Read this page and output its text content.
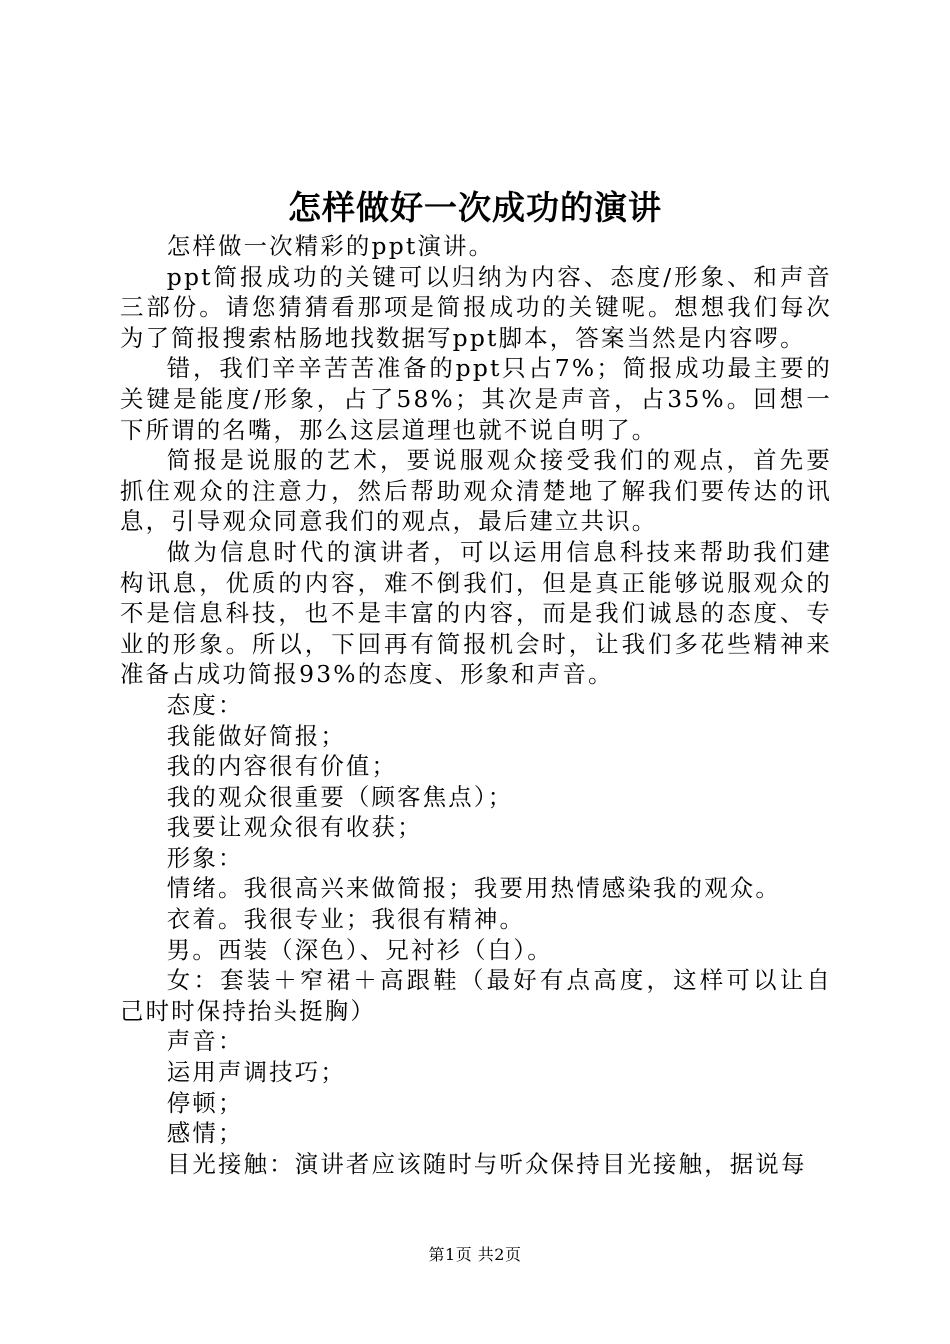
怎样做好一次成功的演讲

怎样做一次精彩的ppt演讲。

ppt简报成功的关键可以归纳为内容、态度/形象、和声音三部份。请您猜猜看那项是简报成功的关键呢。想想我们每次为了简报搜索枯肠地找数据写ppt脚本，答案当然是内容啰。

错，我们辛辛苦苦准备的ppt只占7%；简报成功最主要的关键是能度/形象，占了58%；其次是声音，占35%。回想一下所谓的名嘴，那么这层道理也就不说自明了。

简报是说服的艺术，要说服观众接受我们的观点，首先要抓住观众的注意力，然后帮助观众清楚地了解我们要传达的讯息，引导观众同意我们的观点，最后建立共识。

做为信息时代的演讲者，可以运用信息科技来帮助我们建构讯息，优质的内容，难不倒我们，但是真正能够说服观众的不是信息科技，也不是丰富的内容，而是我们诚恳的态度、专业的形象。所以，下回再有简报机会时，让我们多花些精神来准备占成功简报93%的态度、形象和声音。

态度：

我能做好简报；

我的内容很有价值；

我的观众很重要（顾客焦点）；

我要让观众很有收获；

形象：

情绪。我很高兴来做简报；我要用热情感染我的观众。

衣着。我很专业；我很有精神。

男。西装（深色）、兄衬衫（白）。

女：套装＋窄裙＋高跟鞋（最好有点高度，这样可以让自己时时保持抬头挺胸）

声音：

运用声调技巧；

停顿；

感情；

目光接触：演讲者应该随时与听众保持目光接触，据说每

第1页 共2页
